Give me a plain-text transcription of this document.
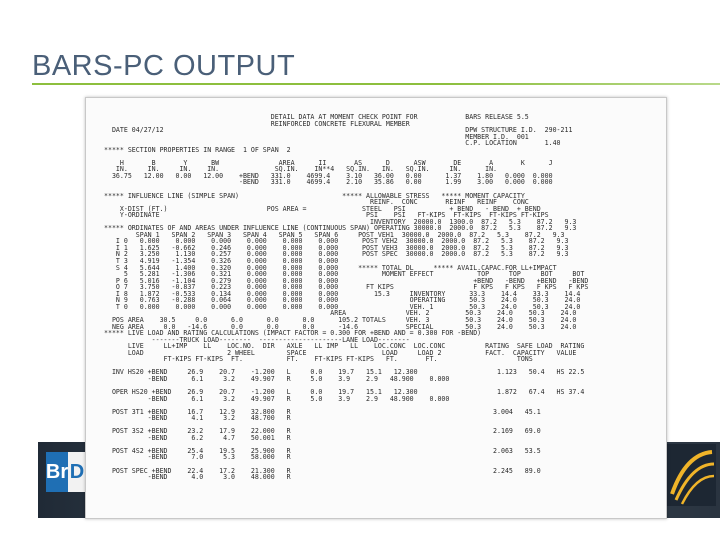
BARS-PC OUTPUT
Br D
DETAIL DATA AT MOMENT CHECK POINT FOR            BARS RELEASE 5.5
REINFORCED CONCRETE FLEXURAL MEMBER
DATE 04/27/12                                                                            DPW STRUCTURE I.D.  290-211
MEMBER I.D.  001
C.P. LOCATION       1.40
***** SECTION PROPERTIES IN RANGE  1 OF SPAN  2

H       B       Y      BW               AREA      II       AS      D      ASW       DE       A       K      J
IN.     IN.     IN.    IN.              SQ.IN.    IN**4   SQ.IN.   IN.   SQ.IN.     IN.      IN.
36.75   12.00   0.00   12.00    +BEND   331.0    4699.4    3.10   36.00   0.00      1.37    1.80   0.000  0.000
-BEND   331.0    4699.4    2.10   35.86   0.00      1.99    3.00   0.000  0.000

***** INFLUENCE LINE (SIMPLE SPAN)                          ***** ALLOWABLE STRESS   ***** MOMENT CAPACITY
REINF.  CONC       REINF   REINF    CONC
X-DIST (FT.)                         POS AREA =              STEEL   PSI           + BEND   - BEND  + BEND
Y-ORDINATE                                                    PSI    PSI   FT-KIPS  FT-KIPS  FT-KIPS FT-KIPS
INVENTORY  20000.0  1300.0  87.2   5.3    87.2   9.3
***** ORDINATES OF AND AREAS UNDER INFLUENCE LINE (CONTINUOUS SPAN) OPERATING 30000.0  2000.0  87.2   5.3    87.2   9.3
SPAN 1   SPAN 2   SPAN 3   SPAN 4   SPAN 5   SPAN 6     POST VEH1  30000.0  2000.0  87.2   5.3    87.2   9.3
I 0   0.000    0.000    0.000    0.000    0.000    0.000      POST VEH2  30000.0  2000.0  87.2   5.3    87.2   9.3
I 1   1.625   -0.662    0.246    0.000    0.000    0.000      POST VEH3  30000.0  2000.0  87.2   5.3    87.2   9.3
N 2   3.250    1.130    0.257    0.000    0.000    0.000      POST SPEC  30000.0  2000.0  87.2   5.3    87.2   9.3
T 3   4.919   -1.354    0.326    0.000    0.000    0.000
S 4   5.644    1.400    0.320    0.000    0.000    0.000     ***** TOTAL DL     ***** AVAIL.CAPAC.FOR LL+IMPACT
5   5.281   -1.306    0.321    0.000    0.000    0.000           MOMENT EFFECT           TOP     TOP     BOT     BOT
P 6   5.016   -1.104    0.279    0.000    0.000    0.000                                  +BEND   -BEND   +BEND   -BEND
O 7   3.750   -0.837    0.223    0.000    0.000    0.000       FT KIPS                    F KPS   F KPS   F KPS   F KPS
I 8   1.872   -0.533    0.134    0.000    0.000    0.000         15.3     INVENTORY      33.3    14.4    33.3    14.4
N 9   0.763   -0.288    0.064    0.000    0.000    0.000                  OPERATING      50.3    24.0    50.3    24.0
T 0   0.000    0.000    0.000    0.000    0.000    0.000                  VEH. 1         50.3    24.0    50.3    24.0
AREA               VEH. 2         50.3    24.0    50.3    24.0
POS AREA    30.5     0.0      6.0      0.0      0.0      105.2 TOTALS     VEH. 3         50.3    24.0    50.3    24.0
NEG AREA     0.0   -14.6      0.0      0.0      0.0      -14.6            SPECIAL        50.3    24.0    50.3    24.0
***** LIVE LOAD AND RATING CALCULATIONS (IMPACT FACTOR = 0.300 FOR +BEND AND = 0.300 FOR -BEND)
-------TRUCK LOAD--------  ---------------------LANE LOAD--------
LIVE     LL+IMP    LL    LOC.NO.  DIR   AXLE   LL IMP   LL    LOC.CONC  LOC.CONC          RATING  SAFE LOAD  RATING
LOAD                     2 WHEEL        SPACE                   LOAD     LOAD 2           FACT.  CAPACITY   VALUE
FT-KIPS FT-KIPS  FT.           FT.    FT-KIPS FT-KIPS   FT.       FT.                    TONS

INV HS20 +BEND     26.9    20.7    -1.200   L     0.0    19.7   15.1   12.300                    1.123   50.4   HS 22.5
-BEND      6.1     3.2    49.907   R     5.0    3.9    2.9   48.900    0.000

OPER HS20 +BEND    26.9    20.7    -1.200   L     0.0    19.7   15.1   12.300                    1.872   67.4   HS 37.4
-BEND      6.1     3.2    49.907   R     5.0    3.9    2.9   48.900    0.000

POST 3T1 +BEND     16.7    12.9    32.800   R                                                   3.004   45.1
-BEND      4.1     3.2    48.700   R

POST 3S2 +BEND     23.2    17.9    22.000   R                                                   2.169   69.0
-BEND      6.2     4.7    50.001   R

POST 4S2 +BEND     25.4    19.5    25.900   R                                                   2.063   53.5
-BEND      7.0     5.3    58.000   R

POST SPEC +BEND    22.4    17.2    21.300   R                                                   2.245   89.0
-BEND      4.0     3.0    48.000   R
